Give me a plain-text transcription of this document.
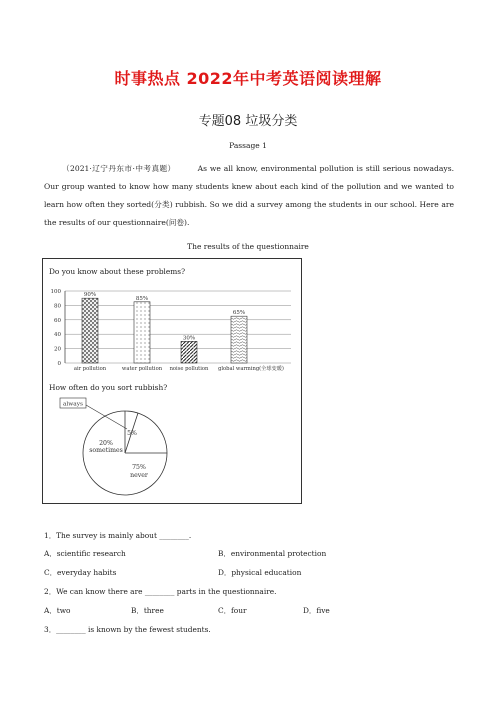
时事热点 2022年中考英语阅读理解
专题08 垃圾分类
Passage 1
（2021·辽宁丹东市·中考真题）	As we all know, environmental pollution is still serious nowadays. Our group wanted to know how many students knew about each kind of the pollution and we wanted to learn how often they sorted(分类) rubbish. So we did a survey among the students in our school. Here are the results of our questionnaire(问卷).
The results of the questionnaire
Do you know about these problems?
0
20
40
60
80
100
90%
air pollution
85%
water pollution
30%
noise pollution
65%
global warming(全球变暖)
How often do you sort rubbish?
5%
always
20%
sometimes
75%
never
1．The survey is mainly about ________.
A．scientific research	B．environmental protection
C．everyday habits	D．physical education
2．We can know there are ________ parts in the questionnaire.
A．two	B．three	C．four	D．five
3．________ is known by the fewest students.
